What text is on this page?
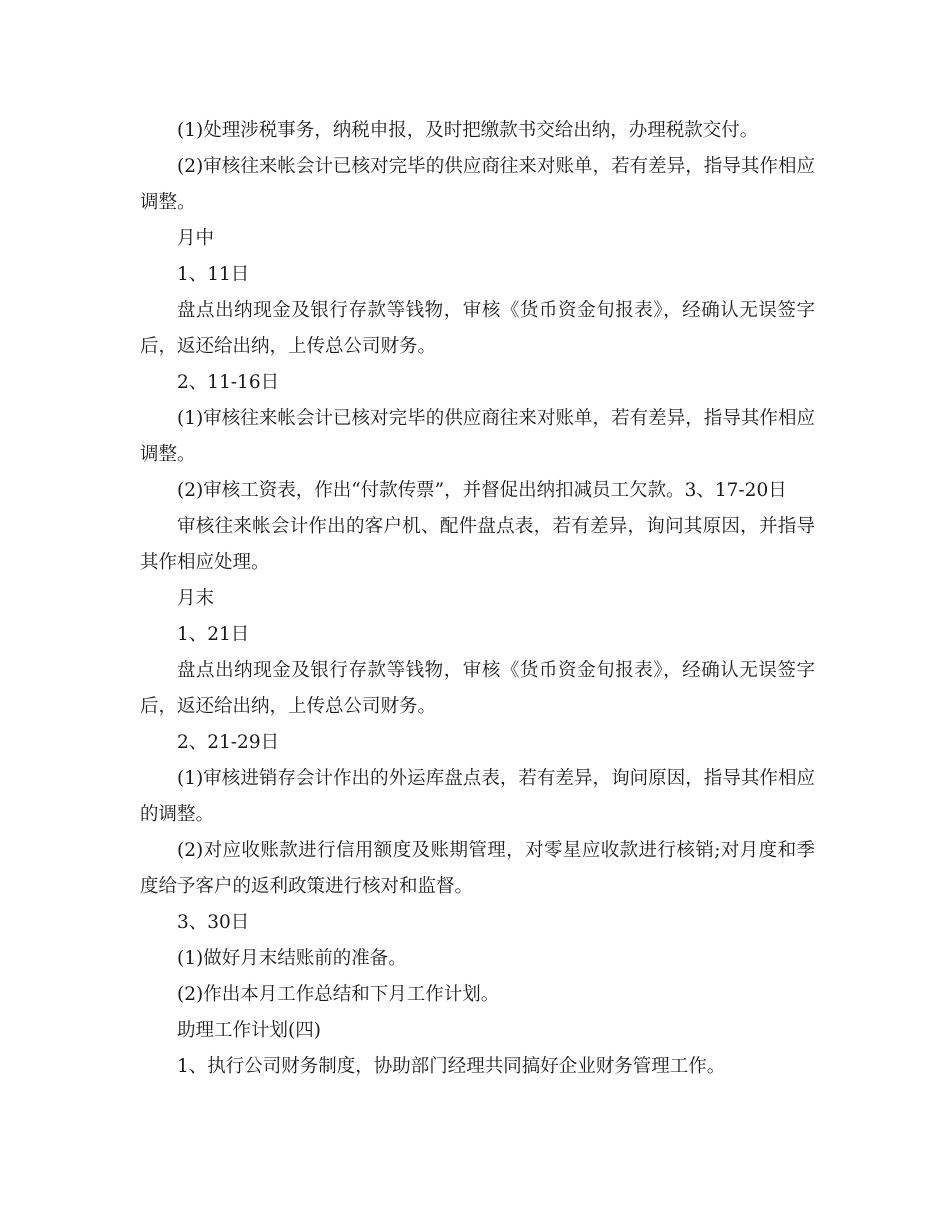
(1)处理涉税事务，纳税申报，及时把缴款书交给出纳，办理税款交付。

(2)审核往来帐会计已核对完毕的供应商往来对账单，若有差异，指导其作相应调整。

月中

1、11日

盘点出纳现金及银行存款等钱物，审核《货币资金旬报表》，经确认无误签字后，返还给出纳，上传总公司财务。

2、11-16日

(1)审核往来帐会计已核对完毕的供应商往来对账单，若有差异，指导其作相应调整。

(2)审核工资表，作出“付款传票”，并督促出纳扣减员工欠款。3、17-20日

审核往来帐会计作出的客户机、配件盘点表，若有差异，询问其原因，并指导其作相应处理。

月末

1、21日

盘点出纳现金及银行存款等钱物，审核《货币资金旬报表》，经确认无误签字后，返还给出纳，上传总公司财务。

2、21-29日

(1)审核进销存会计作出的外运库盘点表，若有差异，询问原因，指导其作相应的调整。

(2)对应收账款进行信用额度及账期管理，对零星应收款进行核销;对月度和季度给予客户的返利政策进行核对和监督。

3、30日

(1)做好月末结账前的准备。

(2)作出本月工作总结和下月工作计划。

助理工作计划(四)

1、执行公司财务制度，协助部门经理共同搞好企业财务管理工作。
